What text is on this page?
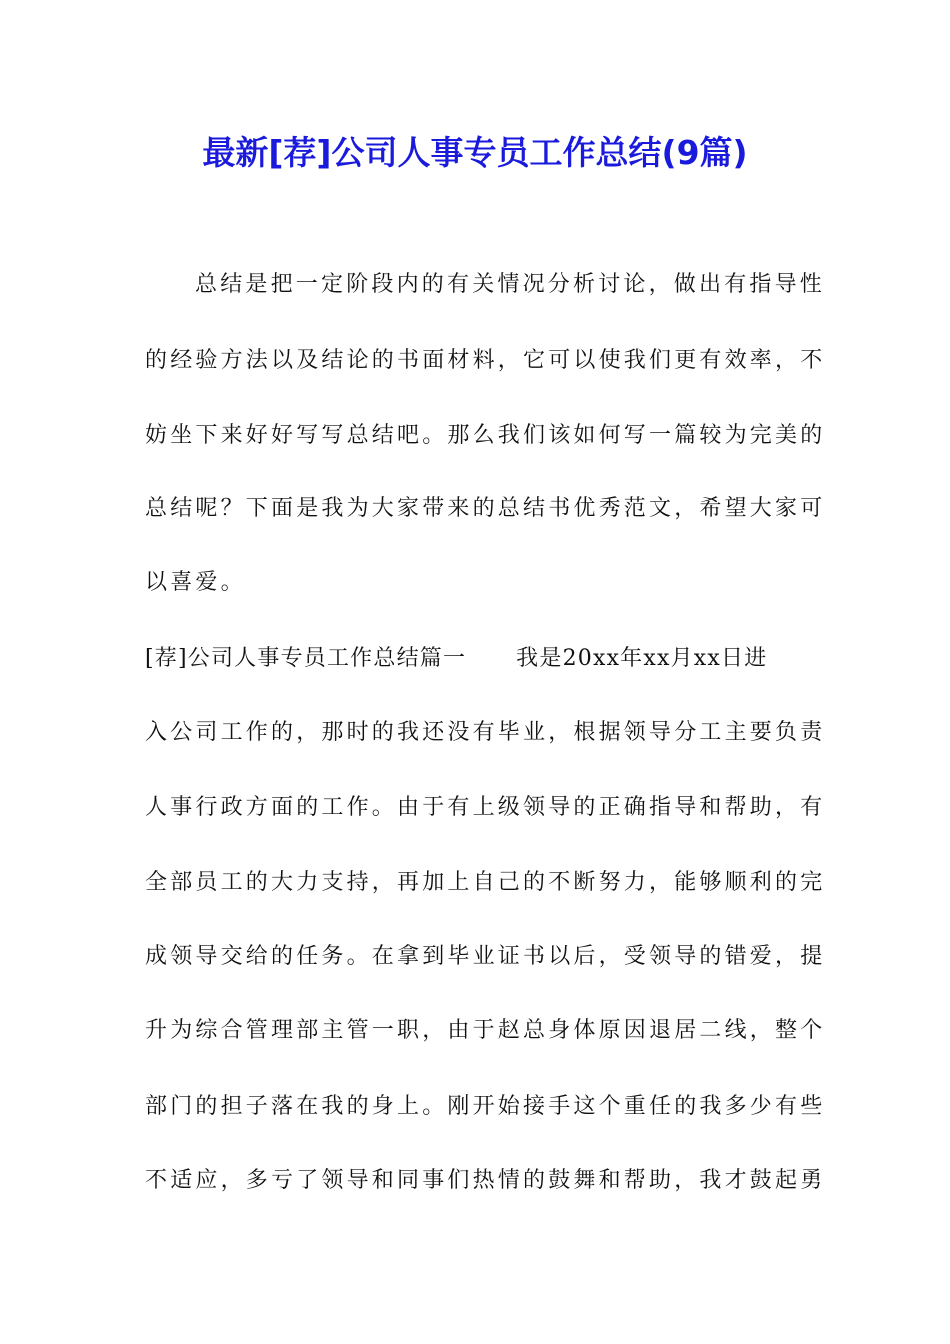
最新[荐]公司人事专员工作总结(9篇)
总结是把一定阶段内的有关情况分析讨论，做出有指导性
的经验方法以及结论的书面材料，它可以使我们更有效率，不
妨坐下来好好写写总结吧。那么我们该如何写一篇较为完美的
总结呢？下面是我为大家带来的总结书优秀范文，希望大家可
以喜爱。
[荐]公司人事专员工作总结篇一 我是20xx年xx月xx日进
入公司工作的，那时的我还没有毕业，根据领导分工主要负责
人事行政方面的工作。由于有上级领导的正确指导和帮助，有
全部员工的大力支持，再加上自己的不断努力，能够顺利的完
成领导交给的任务。在拿到毕业证书以后，受领导的错爱，提
升为综合管理部主管一职，由于赵总身体原因退居二线，整个
部门的担子落在我的身上。刚开始接手这个重任的我多少有些
不适应，多亏了领导和同事们热情的鼓舞和帮助，我才鼓起勇
